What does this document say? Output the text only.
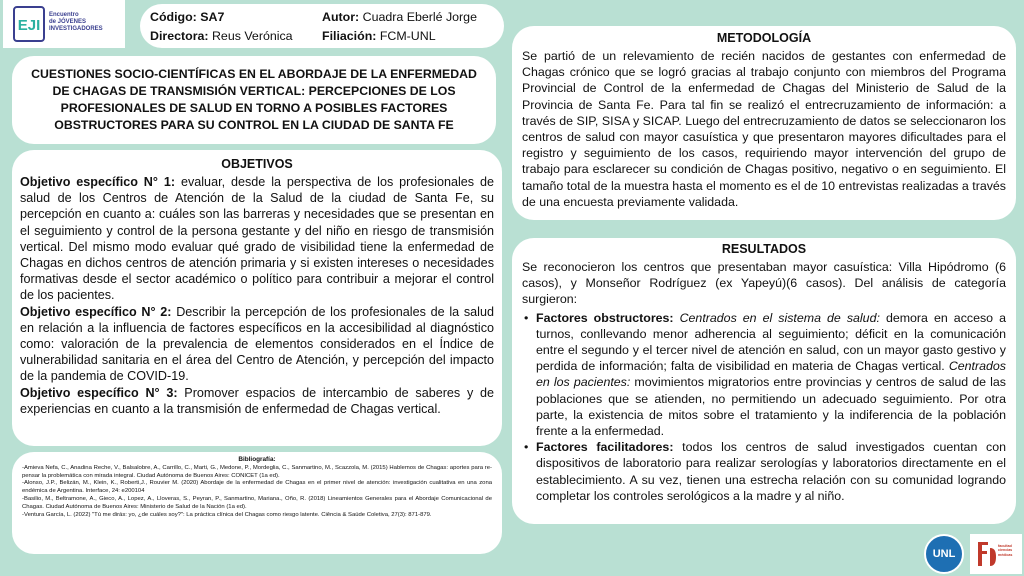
EJI
Encuentro
de JÓVENES
INVESTIGADORES
Código: SA7	Autor: Cuadra Eberlé Jorge
Directora: Reus Verónica	Filiación: FCM-UNL
CUESTIONES SOCIO-CIENTÍFICAS EN EL ABORDAJE DE LA ENFERMEDAD DE CHAGAS DE TRANSMISIÓN VERTICAL: PERCEPCIONES DE LOS PROFESIONALES DE SALUD EN TORNO A POSIBLES FACTORES OBSTRUCTORES PARA SU CONTROL EN LA CIUDAD DE SANTA FE
OBJETIVOS

Objetivo específico N° 1: evaluar, desde la perspectiva de los profesionales de salud de los Centros de Atención de la Salud de la ciudad de Santa Fe, su percepción en cuanto a: cuáles son las barreras y necesidades que se presentan en el seguimiento y control de la persona gestante y del niño en riesgo de transmisión vertical. Del mismo modo evaluar qué grado de visibilidad tiene la enfermedad de Chagas en dichos centros de atención primaria y si existen intereses o necesidades formativas desde el sector académico o político para contribuir a mejorar el control de los pacientes.

Objetivo específico N° 2: Describir la percepción de los profesionales de la salud en relación a la influencia de factores específicos en la accesibilidad al diagnóstico como: valoración de la prevalencia de elementos considerados en el Índice de vulnerabilidad sanitaria en el área del Centro de Atención, y percepción del impacto de la pandemia de COVID-19.

Objetivo específico N° 3: Promover espacios de intercambio de saberes y de experiencias en cuanto a la transmisión de enfermedad de Chagas vertical.

Bibliografía:

-Amieva Nefa, C., Anadina Reche, V., Balsalobre, A., Carrillo, C., Marti, G., Medone, P., Mordeglia, C., Sanmartino, M., Scazzola, M. (2015) Hablemos de Chagas: aportes para re-pensar la problemática con mirada integral. Ciudad Autónoma de Buenos Aires: CONICET (1a ed).

-Alonso, J.P., Belizán, M., Klein, K., Roberti,J., Rouvier M. (2020) Abordaje de la enfermedad de Chagas en el primer nivel de atención: investigación cualitativa en una zona endémica de Argentina. Interface, 24: e200104

-Basilio, M., Beltramone, A., Gieco, A., Lopez, A., Lloveras, S., Peyran, P., Sanmartino, Mariana., Oño, R. (2018) Lineamientos Generales para el Abordaje Comunicacional de Chagas. Ciudad Autónoma de Buenos Aires: Ministerio de Salud de la Nación (1a ed).

-Ventura García, L. (2022) "Tú me dirás: yo, ¿de cuáles soy?": La práctica clínica del Chagas como riesgo latente. Ciência & Saúde Coletiva, 27(3): 871-879.

METODOLOGÍA

Se partió de un relevamiento de recién nacidos de gestantes con enfermedad de Chagas crónico que se logró gracias al trabajo conjunto con miembros del Programa Provincial de Control de la enfermedad de Chagas del Ministerio de Salud de la Provincia de Santa Fe. Para tal fin se realizó el entrecruzamiento de información: a través de SIP, SISA y SICAP. Luego del entrecruzamiento de datos se seleccionaron los centros de salud con mayor casuística y que presentaron mayores dificultades para el registro y seguimiento de los casos, requiriendo mayor intervención del grupo de trabajo para esclarecer su condición de Chagas positivo, negativo o en seguimiento. El tamaño total de la muestra hasta el momento es el de 10 entrevistas realizadas a través de una encuesta previamente validada.

RESULTADOS

Se reconocieron los centros que presentaban mayor casuística: Villa Hipódromo (6 casos), y Monseñor Rodríguez (ex Yapeyú)(6 casos). Del análisis de categoría surgieron:

• Factores obstructores: Centrados en el sistema de salud: demora en acceso a turnos, conllevando menor adherencia al seguimiento; déficit en la comunicación entre el segundo y el tercer nivel de atención en salud, con un mayor gasto gestivo y perdida de información; falta de visibilidad en materia de Chagas vertical. Centrados en los pacientes: movimientos migratorios entre provincias y centros de salud de las poblaciones que se atienden, no permitiendo un adecuado seguimiento. Por otra parte, la existencia de mitos sobre el tratamiento y la indiferencia de la población frente a la enfermedad.
• Factores facilitadores: todos los centros de salud investigados cuentan con dispositivos de laboratorio para realizar serologías y laboratorios directamente en el establecimiento. A su vez, tienen una estrecha relación con su comunidad logrando completar los controles serológicos a la madre y al niño.
UNL
facultad ciencias médicas
